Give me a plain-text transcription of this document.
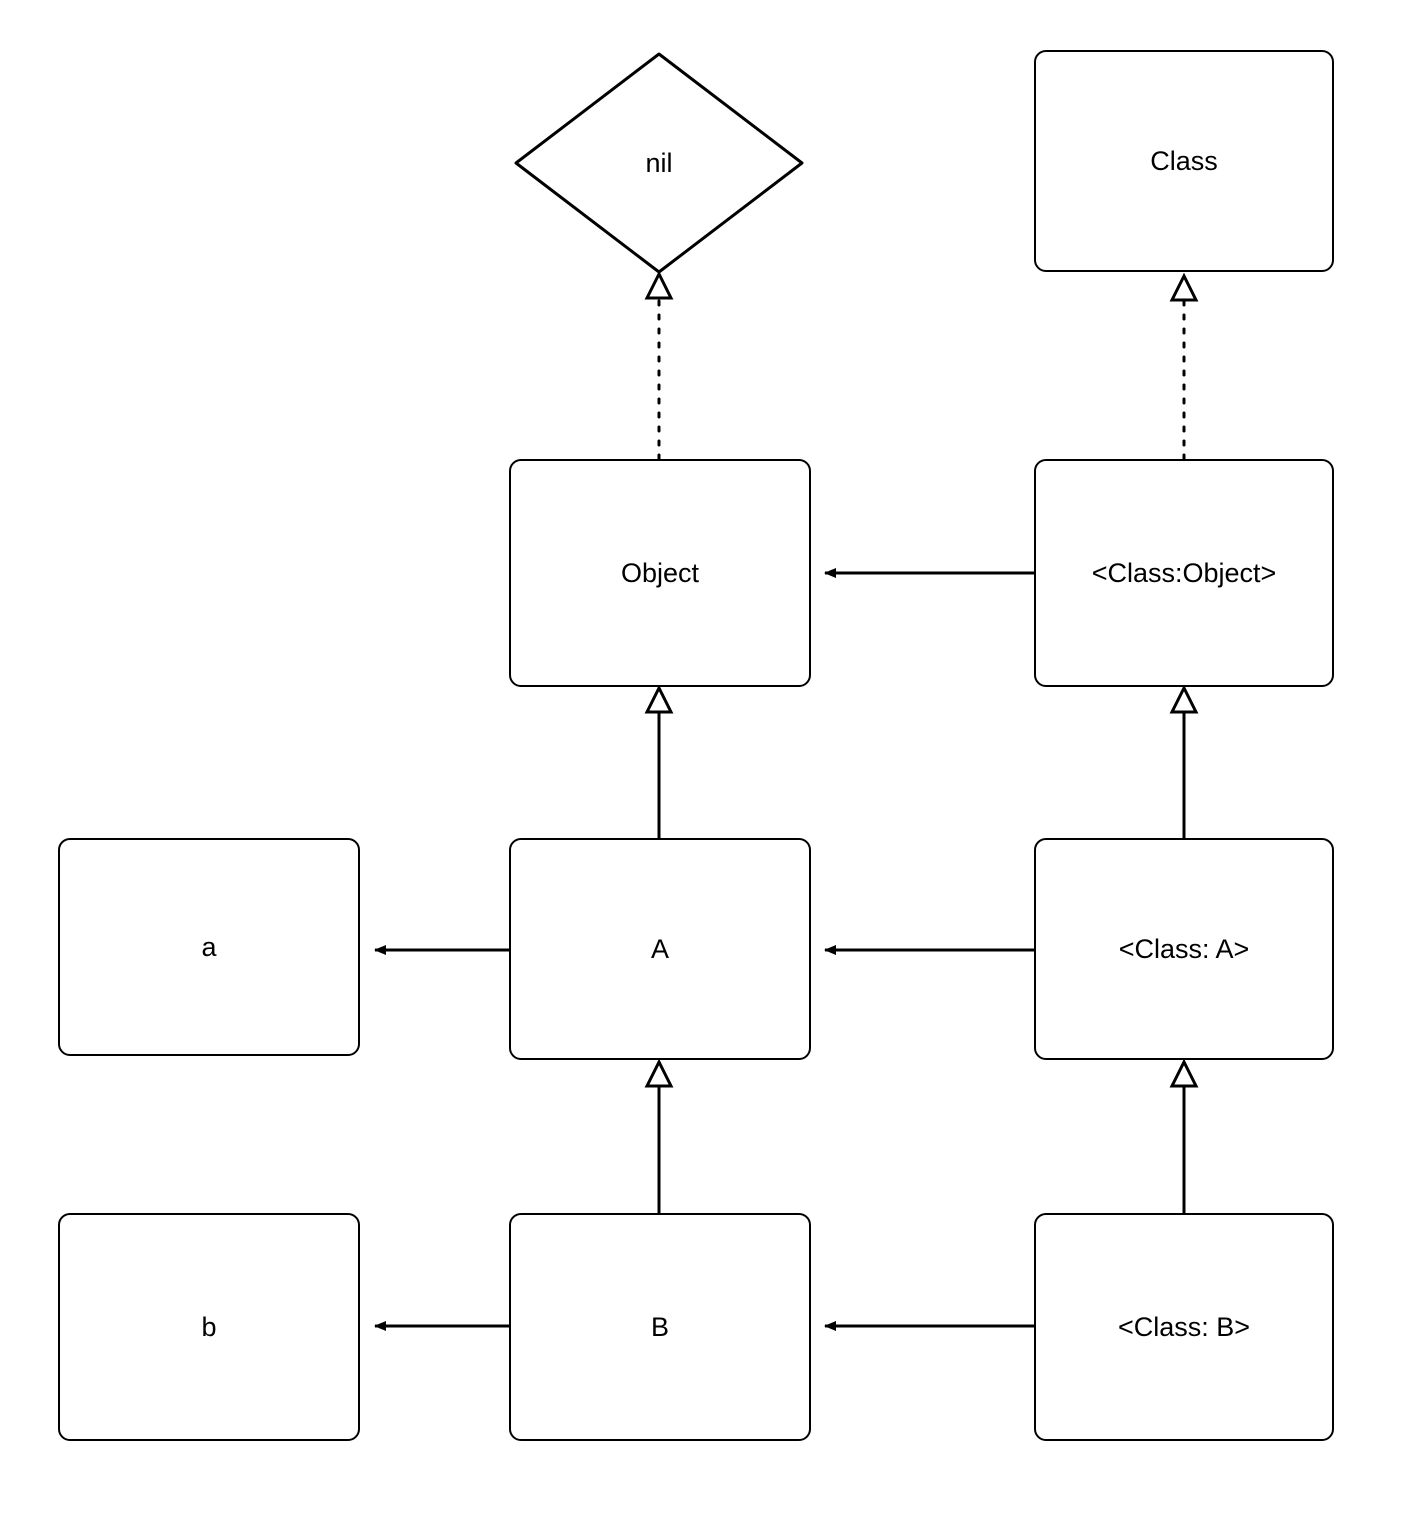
nil	Class
Object	<Class:Object>
a	A	<Class: A>
b	B	<Class: B>
